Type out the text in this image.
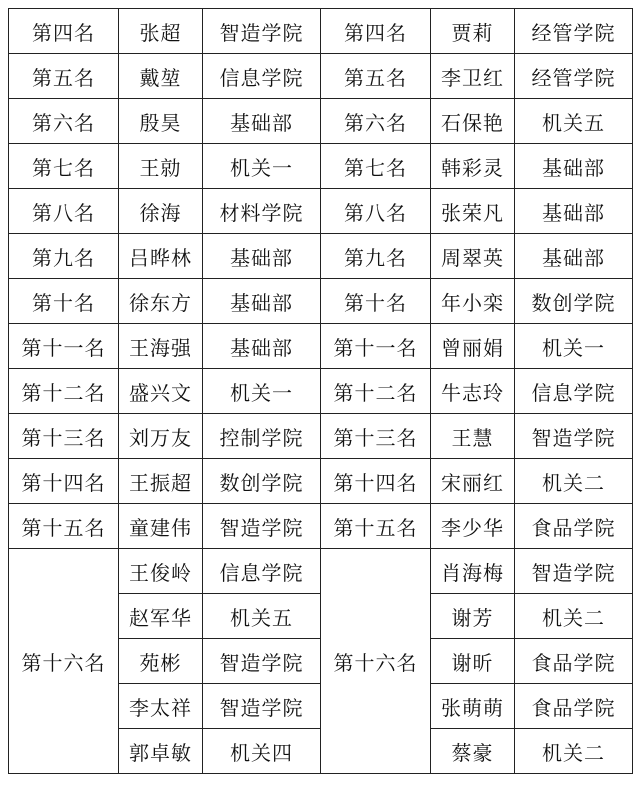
第四名	张超	智造学院	第四名	贾莉	经管学院
第五名	戴堃	信息学院	第五名	李卫红	经管学院
第六名	殷昊	基础部	第六名	石保艳	机关五
第七名	王勍	机关一	第七名	韩彩灵	基础部
第八名	徐海	材料学院	第八名	张荣凡	基础部
第九名	吕晔林	基础部	第九名	周翠英	基础部
第十名	徐东方	基础部	第十名	年小栾	数创学院
第十一名	王海强	基础部	第十一名	曾丽娟	机关一
第十二名	盛兴文	机关一	第十二名	牛志玲	信息学院
第十三名	刘万友	控制学院	第十三名	王慧	智造学院
第十四名	王振超	数创学院	第十四名	宋丽红	机关二
第十五名	童建伟	智造学院	第十五名	李少华	食品学院
第十六名	王俊岭	信息学院	第十六名	肖海梅	智造学院
	赵军华	机关五		谢芳	机关二
	苑彬	智造学院		谢昕	食品学院
	李太祥	智造学院		张萌萌	食品学院
	郭卓敏	机关四		蔡豪	机关二
